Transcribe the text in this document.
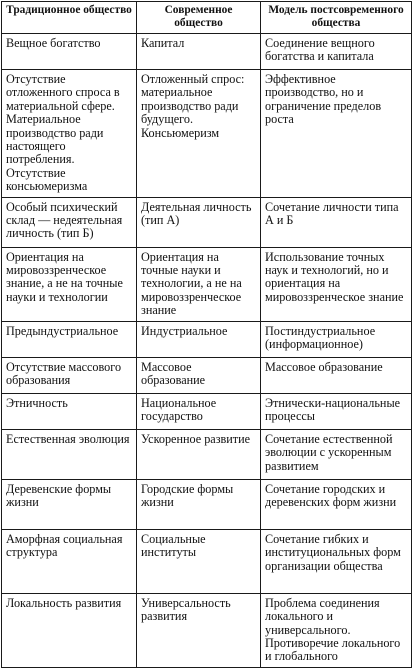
Традиционное общество	Современное общество	Модель постсовременного общества
Вещное богатство	Капитал	Соединение вещного богатства и капитала
Отсутствие отложенного спроса в материальной сфере. Материальное производство ради настоящего потребления. Отсутствие консьюмеризма	Отложенный спрос: материальное производство ради будущего. Консьюмеризм	Эффективное производство, но и ограничение пределов роста
Особый психический склад — недеятельная личность (тип Б)	Деятельная личность (тип А)	Сочетание личности типа А и Б
Ориентация на мировоззренческое знание, а не на точные науки и технологии	Ориентация на точные науки и технологии, а не на мировоззренческое знание	Использование точных наук и технологий, но и ориентация на мировоззренческое знание
Предындустриальное	Индустриальное	Постиндустриальное (информационное)
Отсутствие массового образования	Массовое образование	Массовое образование
Этничность	Национальное государство	Этнически-национальные процессы
Естественная эволюция	Ускоренное развитие	Сочетание естественной эволюции с ускоренным развитием
Деревенские формы жизни	Городские формы жизни	Сочетание городских и деревенских форм жизни
Аморфная социальная структура	Социальные институты	Сочетание гибких и институциональных форм организации общества
Локальность развития	Универсальность развития	Проблема соединения локального и универсального. Противоречие локального и глобального
